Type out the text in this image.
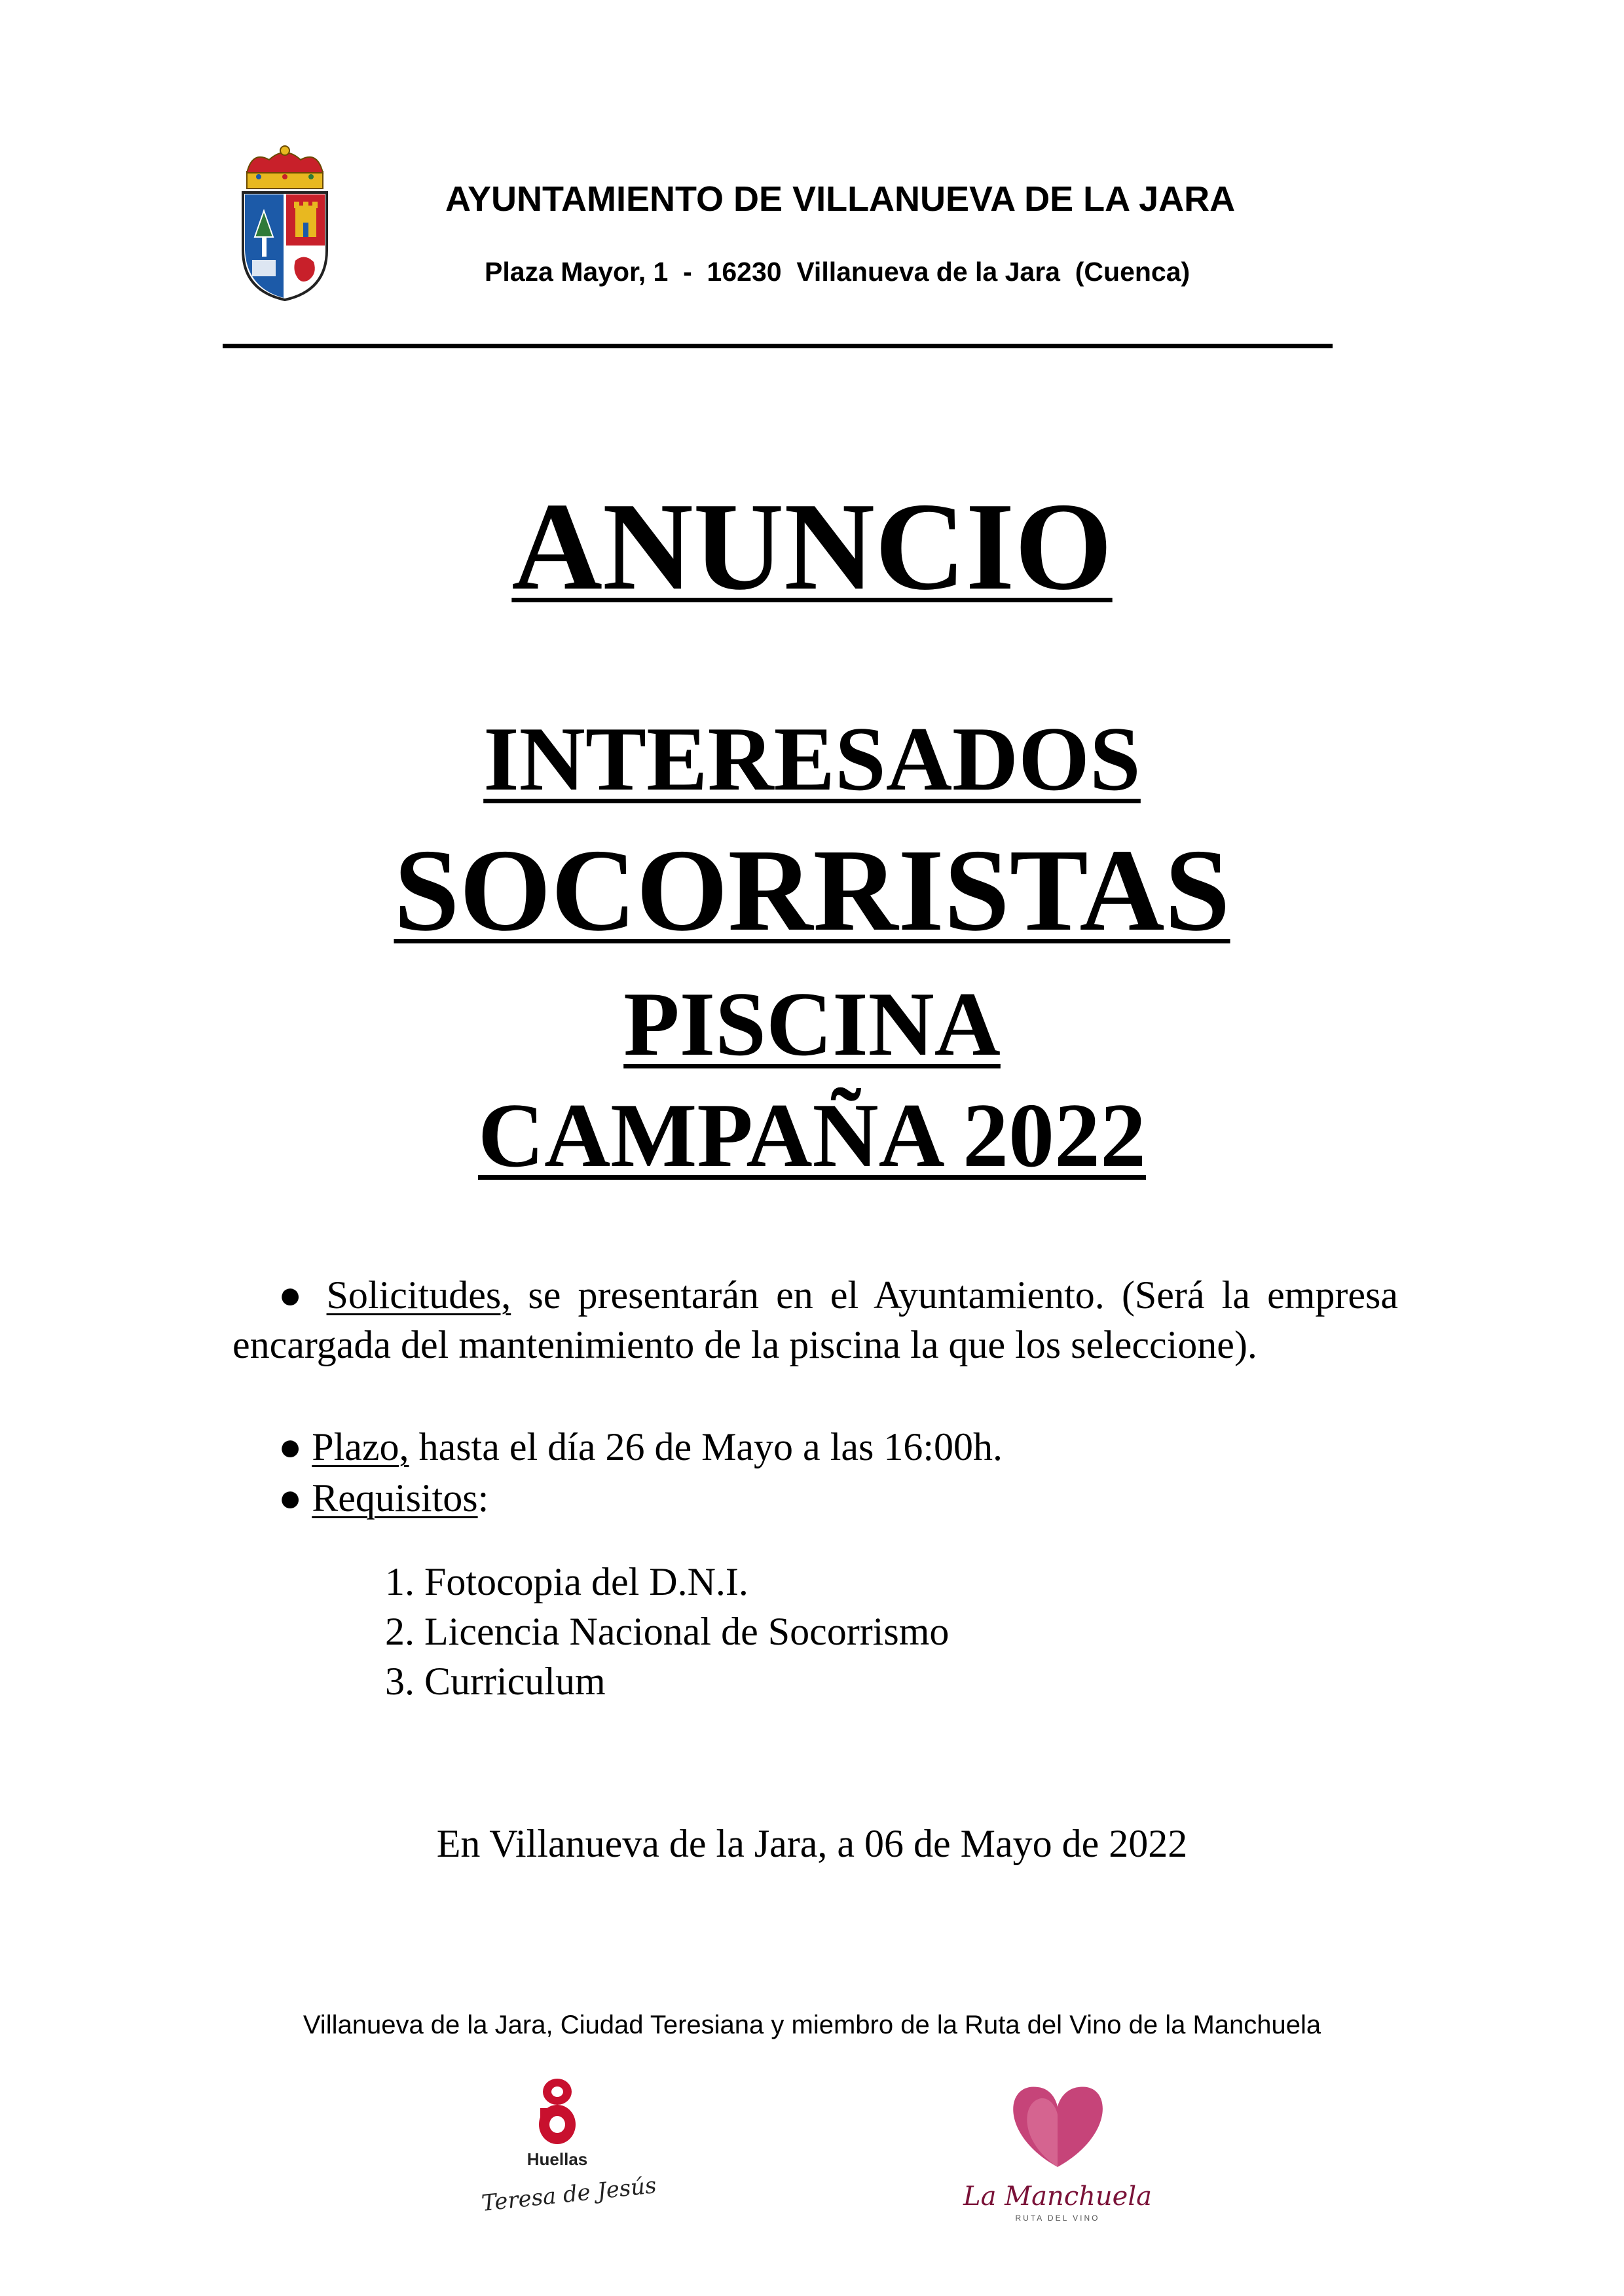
AYUNTAMIENTO DE VILLANUEVA DE LA JARA
Plaza Mayor, 1  -  16230  Villanueva de la Jara  (Cuenca)
ANUNCIO
INTERESADOS
SOCORRISTAS
PISCINA
CAMPAÑA 2022
● Solicitudes, se presentarán en el Ayuntamiento. (Será la empresa encargada del mantenimiento de la piscina la que los seleccione).
● Plazo, hasta el día 26 de Mayo a las 16:00h.
● Requisitos:
1. Fotocopia del D.N.I.
2. Licencia Nacional de Socorrismo
3. Curriculum
En Villanueva de la Jara, a 06 de Mayo de 2022
Villanueva de la Jara, Ciudad Teresiana y miembro de la Ruta del Vino de la Manchuela
Huellas
Teresa de Jesús	La Manchuela
RUTA DEL VINO
